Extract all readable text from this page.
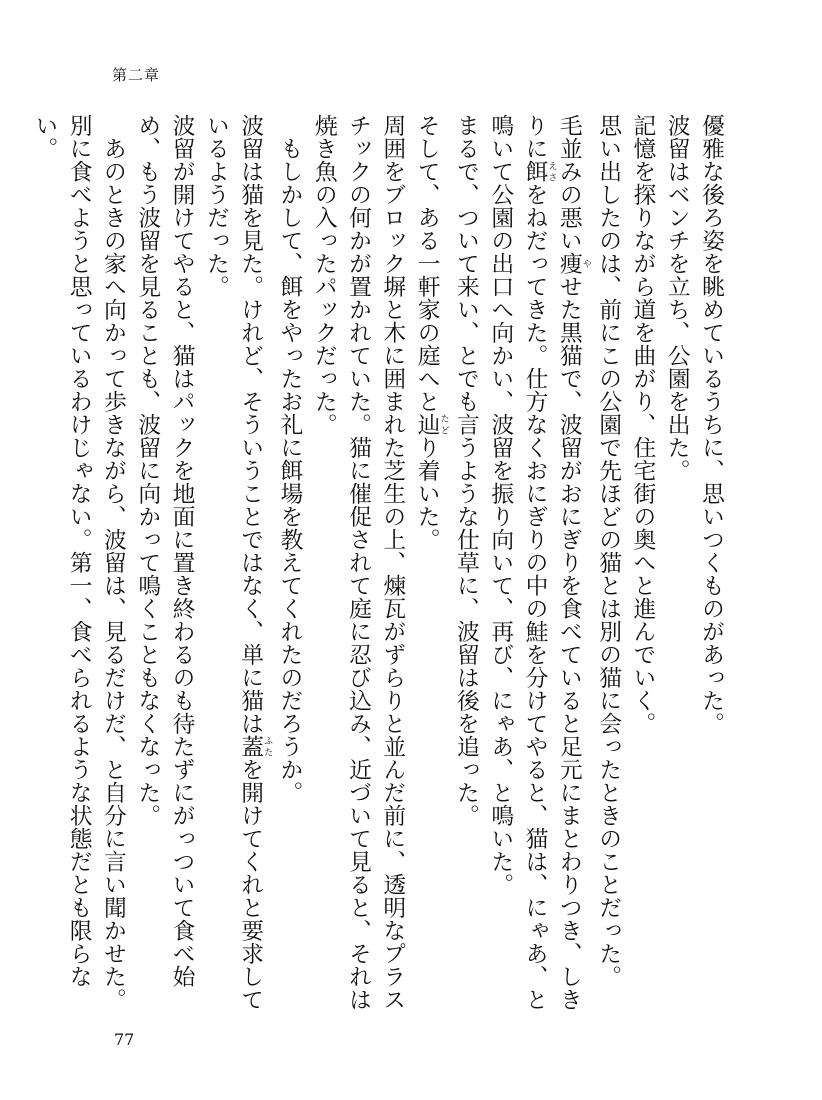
第二章

優雅な後ろ姿を眺めているうちに、思いつくものがあった。

波留はベンチを立ち、公園を出た。

記憶を探りながら道を曲がり、住宅街の奥へと進んでいく。

思い出したのは、前にこの公園で先ほどの猫とは別の猫に会ったときのことだった。

毛並みの悪い痩 やせた黒猫で、波留がおにぎりを食べていると足元にまとわりつき、しきりに餌 えさをねだってきた。仕方なくおにぎりの中の鮭を分けてやると、猫は、にゃあ、と鳴いて公園の出口へ向かい、波留を振り向いて、再び、にゃあ、と鳴いた。

まるで、ついて来い、とでも言うような仕草に、波留は後を追った。

そして、ある一軒家の庭へと辿 たどり着いた。

周囲をブロック塀と木に囲まれた芝生の上、煉瓦がずらりと並んだ前に、透明なプラスチックの何かが置かれていた。猫に催促されて庭に忍び込み、近づいて見ると、それは焼き魚の入ったパックだった。

もしかして、餌をやったお礼に餌場を教えてくれたのだろうか。

波留は猫を見た。けれど、そういうことではなく、単に猫は蓋 ふたを開けてくれと要求しているようだった。

波留が開けてやると、猫はパックを地面に置き終わるのも待たずにがっついて食べ始め、もう波留を見ることも、波留に向かって鳴くこともなくなった。

あのときの家へ向かって歩きながら、波留は、見るだけだ、と自分に言い聞かせた。

別に食べようと思っているわけじゃない。第一、食べられるような状態だとも限らない。

77
